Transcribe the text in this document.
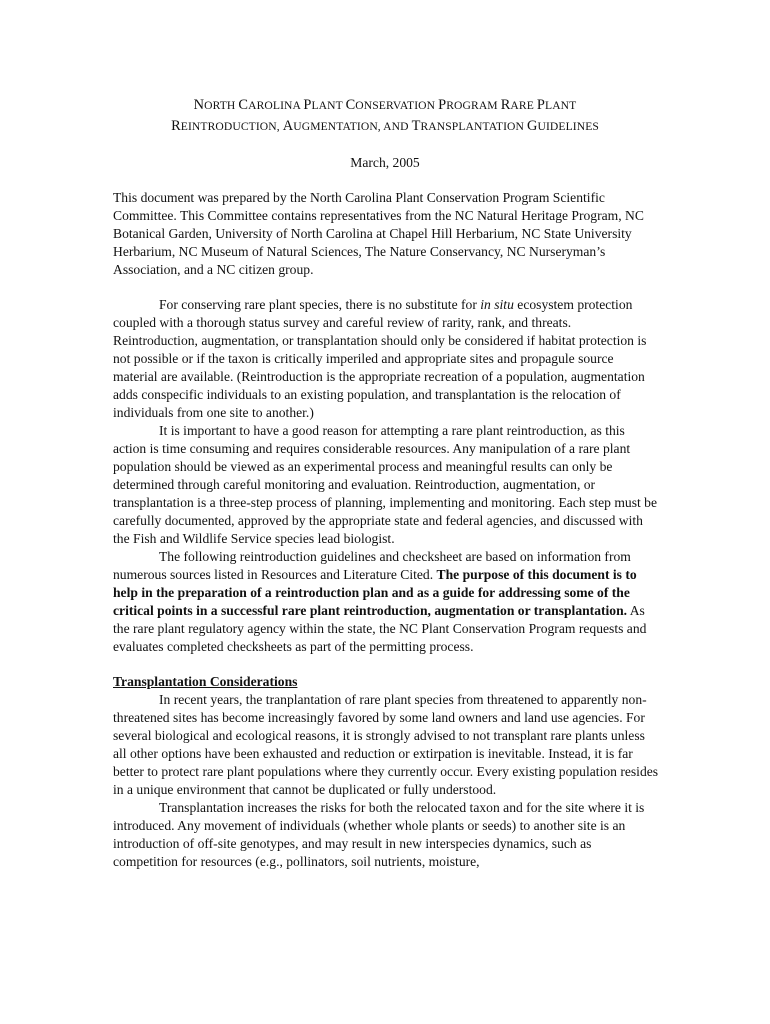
NORTH CAROLINA PLANT CONSERVATION PROGRAM RARE PLANT
REINTRODUCTION, AUGMENTATION, AND TRANSPLANTATION GUIDELINES
March, 2005

This document was prepared by the North Carolina Plant Conservation Program Scientific Committee. This Committee contains representatives from the NC Natural Heritage Program, NC Botanical Garden, University of North Carolina at Chapel Hill Herbarium, NC State University Herbarium, NC Museum of Natural Sciences, The Nature Conservancy, NC Nurseryman’s Association, and a NC citizen group.

For conserving rare plant species, there is no substitute for in situ ecosystem protection coupled with a thorough status survey and careful review of rarity, rank, and threats. Reintroduction, augmentation, or transplantation should only be considered if habitat protection is not possible or if the taxon is critically imperiled and appropriate sites and propagule source material are available. (Reintroduction is the appropriate recreation of a population, augmentation adds conspecific individuals to an existing population, and transplantation is the relocation of individuals from one site to another.)

It is important to have a good reason for attempting a rare plant reintroduction, as this action is time consuming and requires considerable resources. Any manipulation of a rare plant population should be viewed as an experimental process and meaningful results can only be determined through careful monitoring and evaluation. Reintroduction, augmentation, or transplantation is a three-step process of planning, implementing and monitoring. Each step must be carefully documented, approved by the appropriate state and federal agencies, and discussed with the Fish and Wildlife Service species lead biologist.

The following reintroduction guidelines and checksheet are based on information from numerous sources listed in Resources and Literature Cited. The purpose of this document is to help in the preparation of a reintroduction plan and as a guide for addressing some of the critical points in a successful rare plant reintroduction, augmentation or transplantation. As the rare plant regulatory agency within the state, the NC Plant Conservation Program requests and evaluates completed checksheets as part of the permitting process.

Transplantation Considerations

In recent years, the tranplantation of rare plant species from threatened to apparently non-threatened sites has become increasingly favored by some land owners and land use agencies. For several biological and ecological reasons, it is strongly advised to not transplant rare plants unless all other options have been exhausted and reduction or extirpation is inevitable. Instead, it is far better to protect rare plant populations where they currently occur. Every existing population resides in a unique environment that cannot be duplicated or fully understood.

Transplantation increases the risks for both the relocated taxon and for the site where it is introduced. Any movement of individuals (whether whole plants or seeds) to another site is an introduction of off-site genotypes, and may result in new interspecies dynamics, such as competition for resources (e.g., pollinators, soil nutrients, moisture,
